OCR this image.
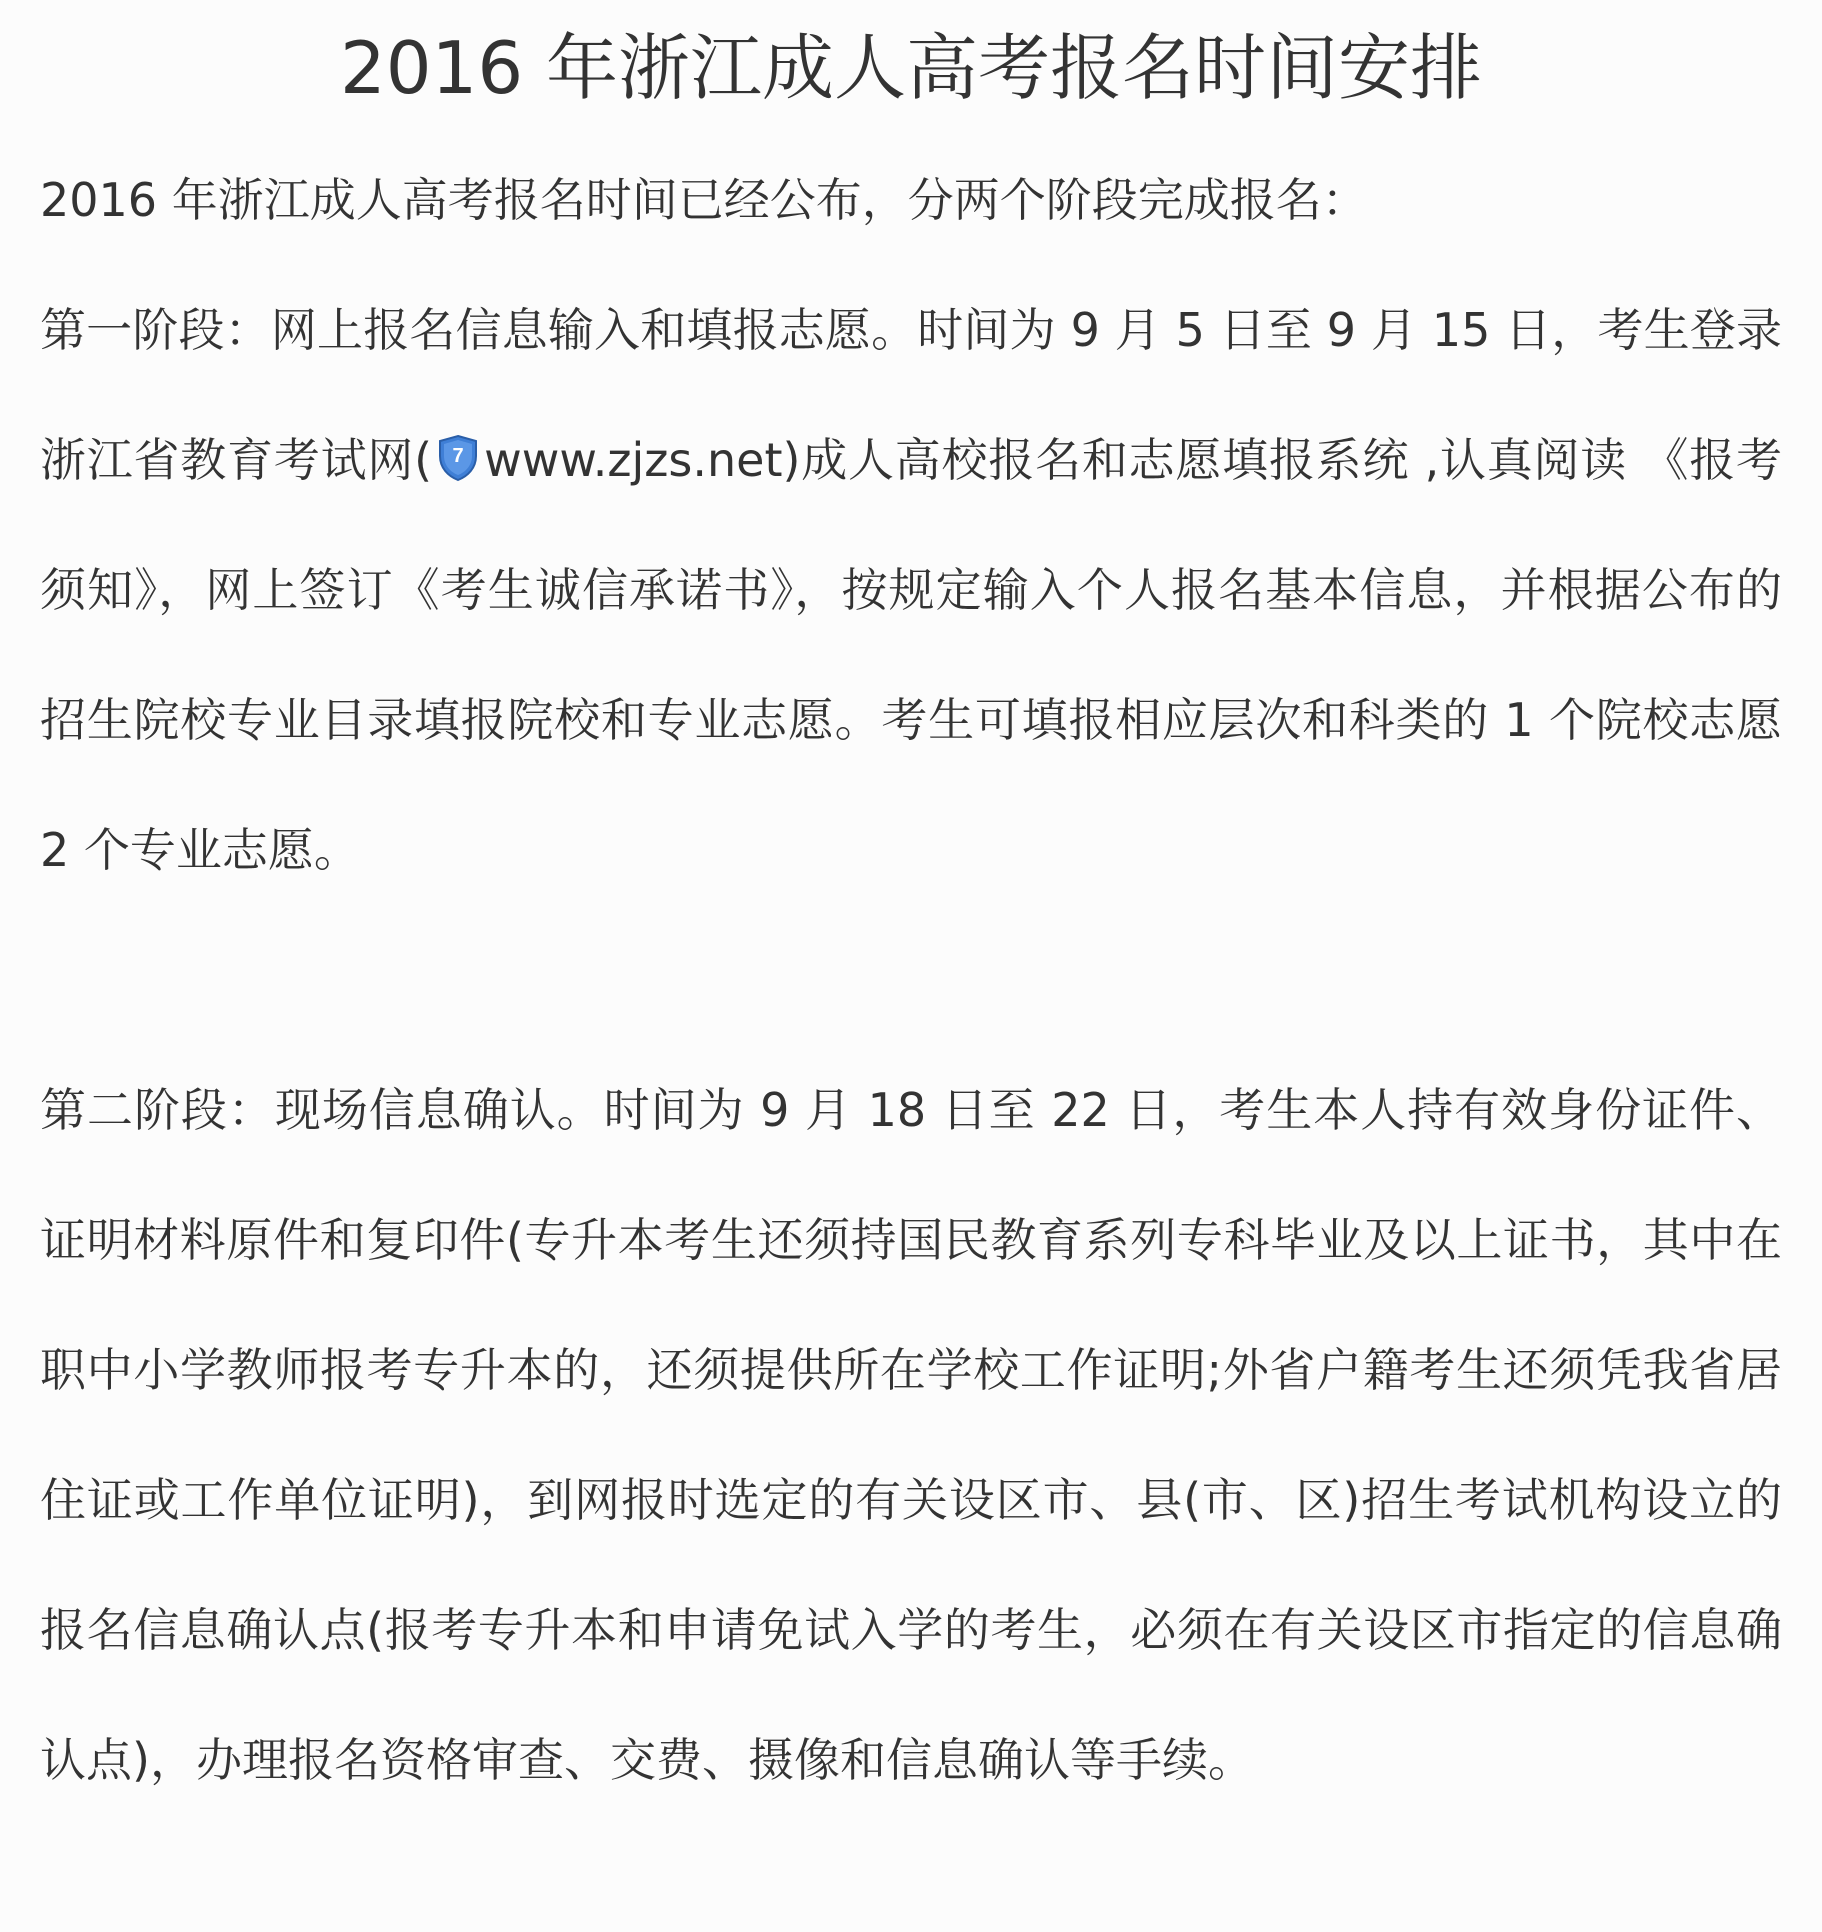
2016 年浙江成人高考报名时间安排

2016 年浙江成人高考报名时间已经公布，分两个阶段完成报名：

第一阶段：网上报名信息输入和填报志愿。时间为 9 月 5 日至 9 月 15 日，考生登录浙江省教育考试网( 7 www.zjzs.net)成人高校报名和志愿填报系统 ,认真阅读 《报考须知》，网上签订《考生诚信承诺书》，按规定输入个人报名基本信息，并根据公布的招生院校专业目录填报院校和专业志愿。考生可填报相应层次和科类的 1 个院校志愿 2 个专业志愿。

第二阶段：现场信息确认。时间为 9 月 18 日至 22 日，考生本人持有效身份证件、证明材料原件和复印件(专升本考生还须持国民教育系列专科毕业及以上证书，其中在职中小学教师报考专升本的，还须提供所在学校工作证明;外省户籍考生还须凭我省居住证或工作单位证明)，到网报时选定的有关设区市、县(市、区)招生考试机构设立的报名信息确认点(报考专升本和申请免试入学的考生，必须在有关设区市指定的信息确认点)，办理报名资格审查、交费、摄像和信息确认等手续。
